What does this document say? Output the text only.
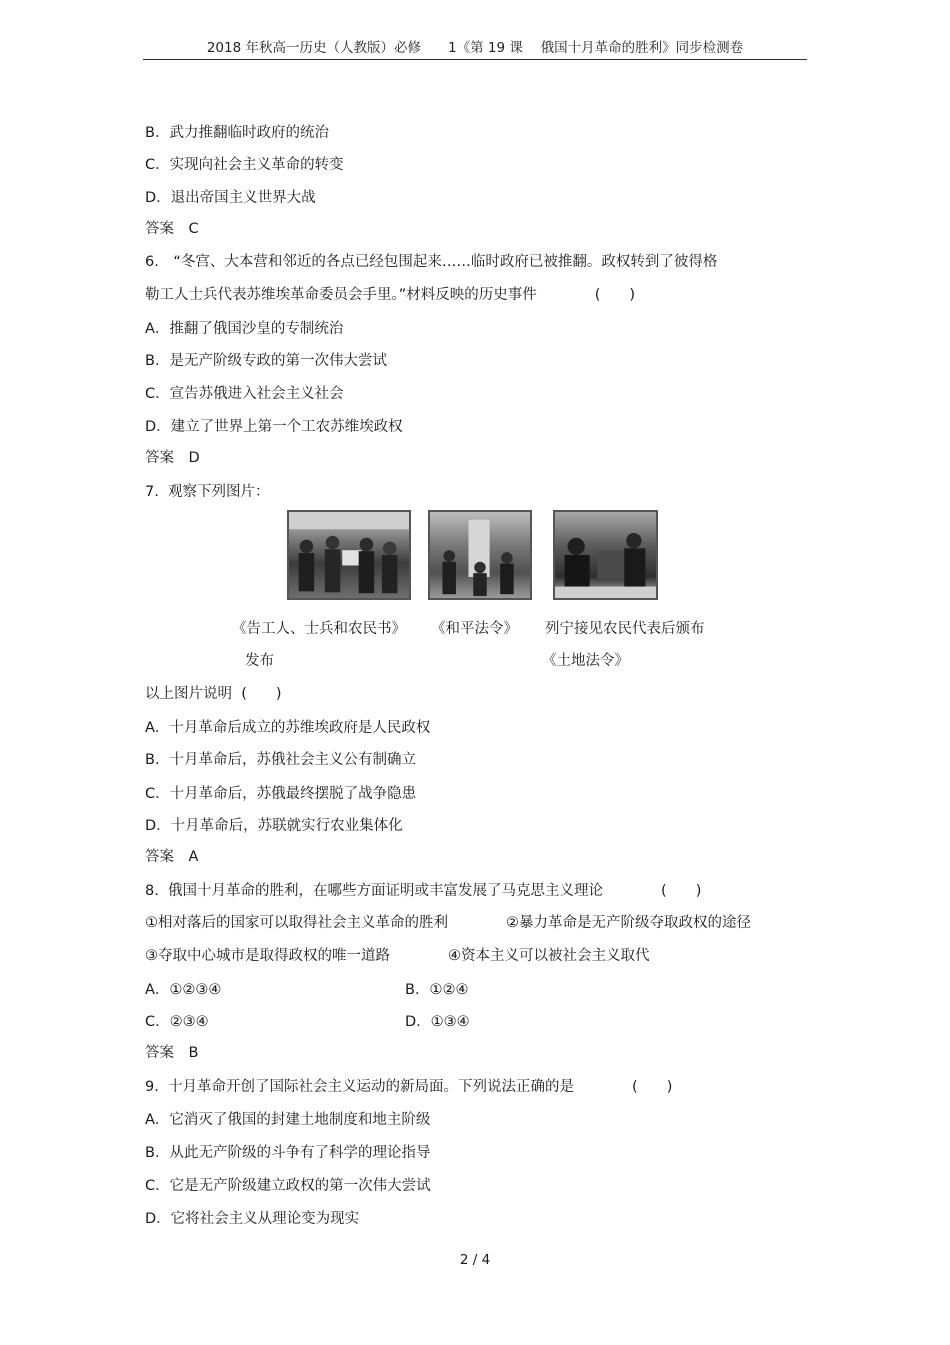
2018 年秋高一历史（人教版）必修　　1《第 19 课　 俄国十月革命的胜利》同步检测卷
B．武力推翻临时政府的统治
C．实现向社会主义革命的转变
D．退出帝国主义世界大战
答案　C
6.　“冬宫、大本营和邻近的各点已经包围起来……临时政府已被推翻。政权转到了彼得格
勒工人士兵代表苏维埃革命委员会手里。”材料反映的历史事件　　　　(　　)
A．推翻了俄国沙皇的专制统治
B．是无产阶级专政的第一次伟大尝试
C．宣告苏俄进入社会主义社会
D．建立了世界上第一个工农苏维埃政权
答案　D
7.  观察下列图片：
《告工人、士兵和农民书》
发布
《和平法令》 列宁接见农民代表后颁布
《土地法令》
以上图片说明  (　　)
A．十月革命后成立的苏维埃政府是人民政权
B．十月革命后，苏俄社会主义公有制确立
C．十月革命后，苏俄最终摆脱了战争隐患
D．十月革命后，苏联就实行农业集体化
答案　A
8.  俄国十月革命的胜利，在哪些方面证明或丰富发展了马克思主义理论　　　　(　　)
①相对落后的国家可以取得社会主义革命的胜利　　　　②暴力革命是无产阶级夺取政权的途径
③夺取中心城市是取得政权的唯一道路　　　　④资本主义可以被社会主义取代
A．①②③④	B．①②④
C．②③④	D．①③④
答案　B
9.  十月革命开创了国际社会主义运动的新局面。下列说法正确的是　　　　(　　)
A．它消灭了俄国的封建土地制度和地主阶级
B．从此无产阶级的斗争有了科学的理论指导
C．它是无产阶级建立政权的第一次伟大尝试
D．它将社会主义从理论变为现实
2 / 4
